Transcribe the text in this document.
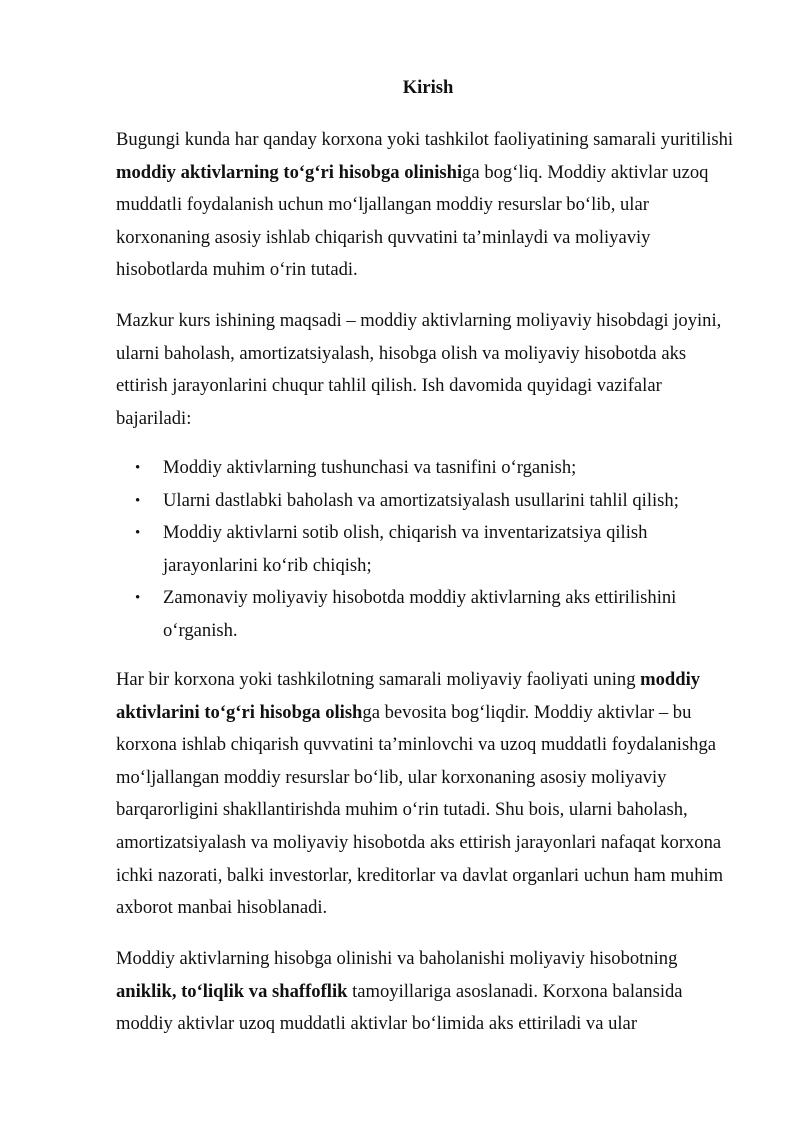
Kirish

Bugungi kunda har qanday korxona yoki tashkilot faoliyatining samarali yuritilishi
moddiy aktivlarning to‘g‘ri hisobga olinishiga bog‘liq. Moddiy aktivlar uzoq
muddatli foydalanish uchun mo‘ljallangan moddiy resurslar bo‘lib, ular
korxonaning asosiy ishlab chiqarish quvvatini ta’minlaydi va moliyaviy
hisobotlarda muhim o‘rin tutadi.

Mazkur kurs ishining maqsadi – moddiy aktivlarning moliyaviy hisobdagi joyini,
ularni baholash, amortizatsiyalash, hisobga olish va moliyaviy hisobotda aks
ettirish jarayonlarini chuqur tahlil qilish. Ish davomida quyidagi vazifalar
bajariladi:

• Moddiy aktivlarning tushunchasi va tasnifini o‘rganish;
• Ularni dastlabki baholash va amortizatsiyalash usullarini tahlil qilish;
• Moddiy aktivlarni sotib olish, chiqarish va inventarizatsiya qilish
jarayonlarini ko‘rib chiqish;
• Zamonaviy moliyaviy hisobotda moddiy aktivlarning aks ettirilishini
o‘rganish.

Har bir korxona yoki tashkilotning samarali moliyaviy faoliyati uning moddiy
aktivlarini to‘g‘ri hisobga olishga bevosita bog‘liqdir. Moddiy aktivlar – bu
korxona ishlab chiqarish quvvatini ta’minlovchi va uzoq muddatli foydalanishga
mo‘ljallangan moddiy resurslar bo‘lib, ular korxonaning asosiy moliyaviy
barqarorligini shakllantirishda muhim o‘rin tutadi. Shu bois, ularni baholash,
amortizatsiyalash va moliyaviy hisobotda aks ettirish jarayonlari nafaqat korxona
ichki nazorati, balki investorlar, kreditorlar va davlat organlari uchun ham muhim
axborot manbai hisoblanadi.

Moddiy aktivlarning hisobga olinishi va baholanishi moliyaviy hisobotning
aniklik, to‘liqlik va shaffoflik tamoyillariga asoslanadi. Korxona balansida
moddiy aktivlar uzoq muddatli aktivlar bo‘limida aks ettiriladi va ular
